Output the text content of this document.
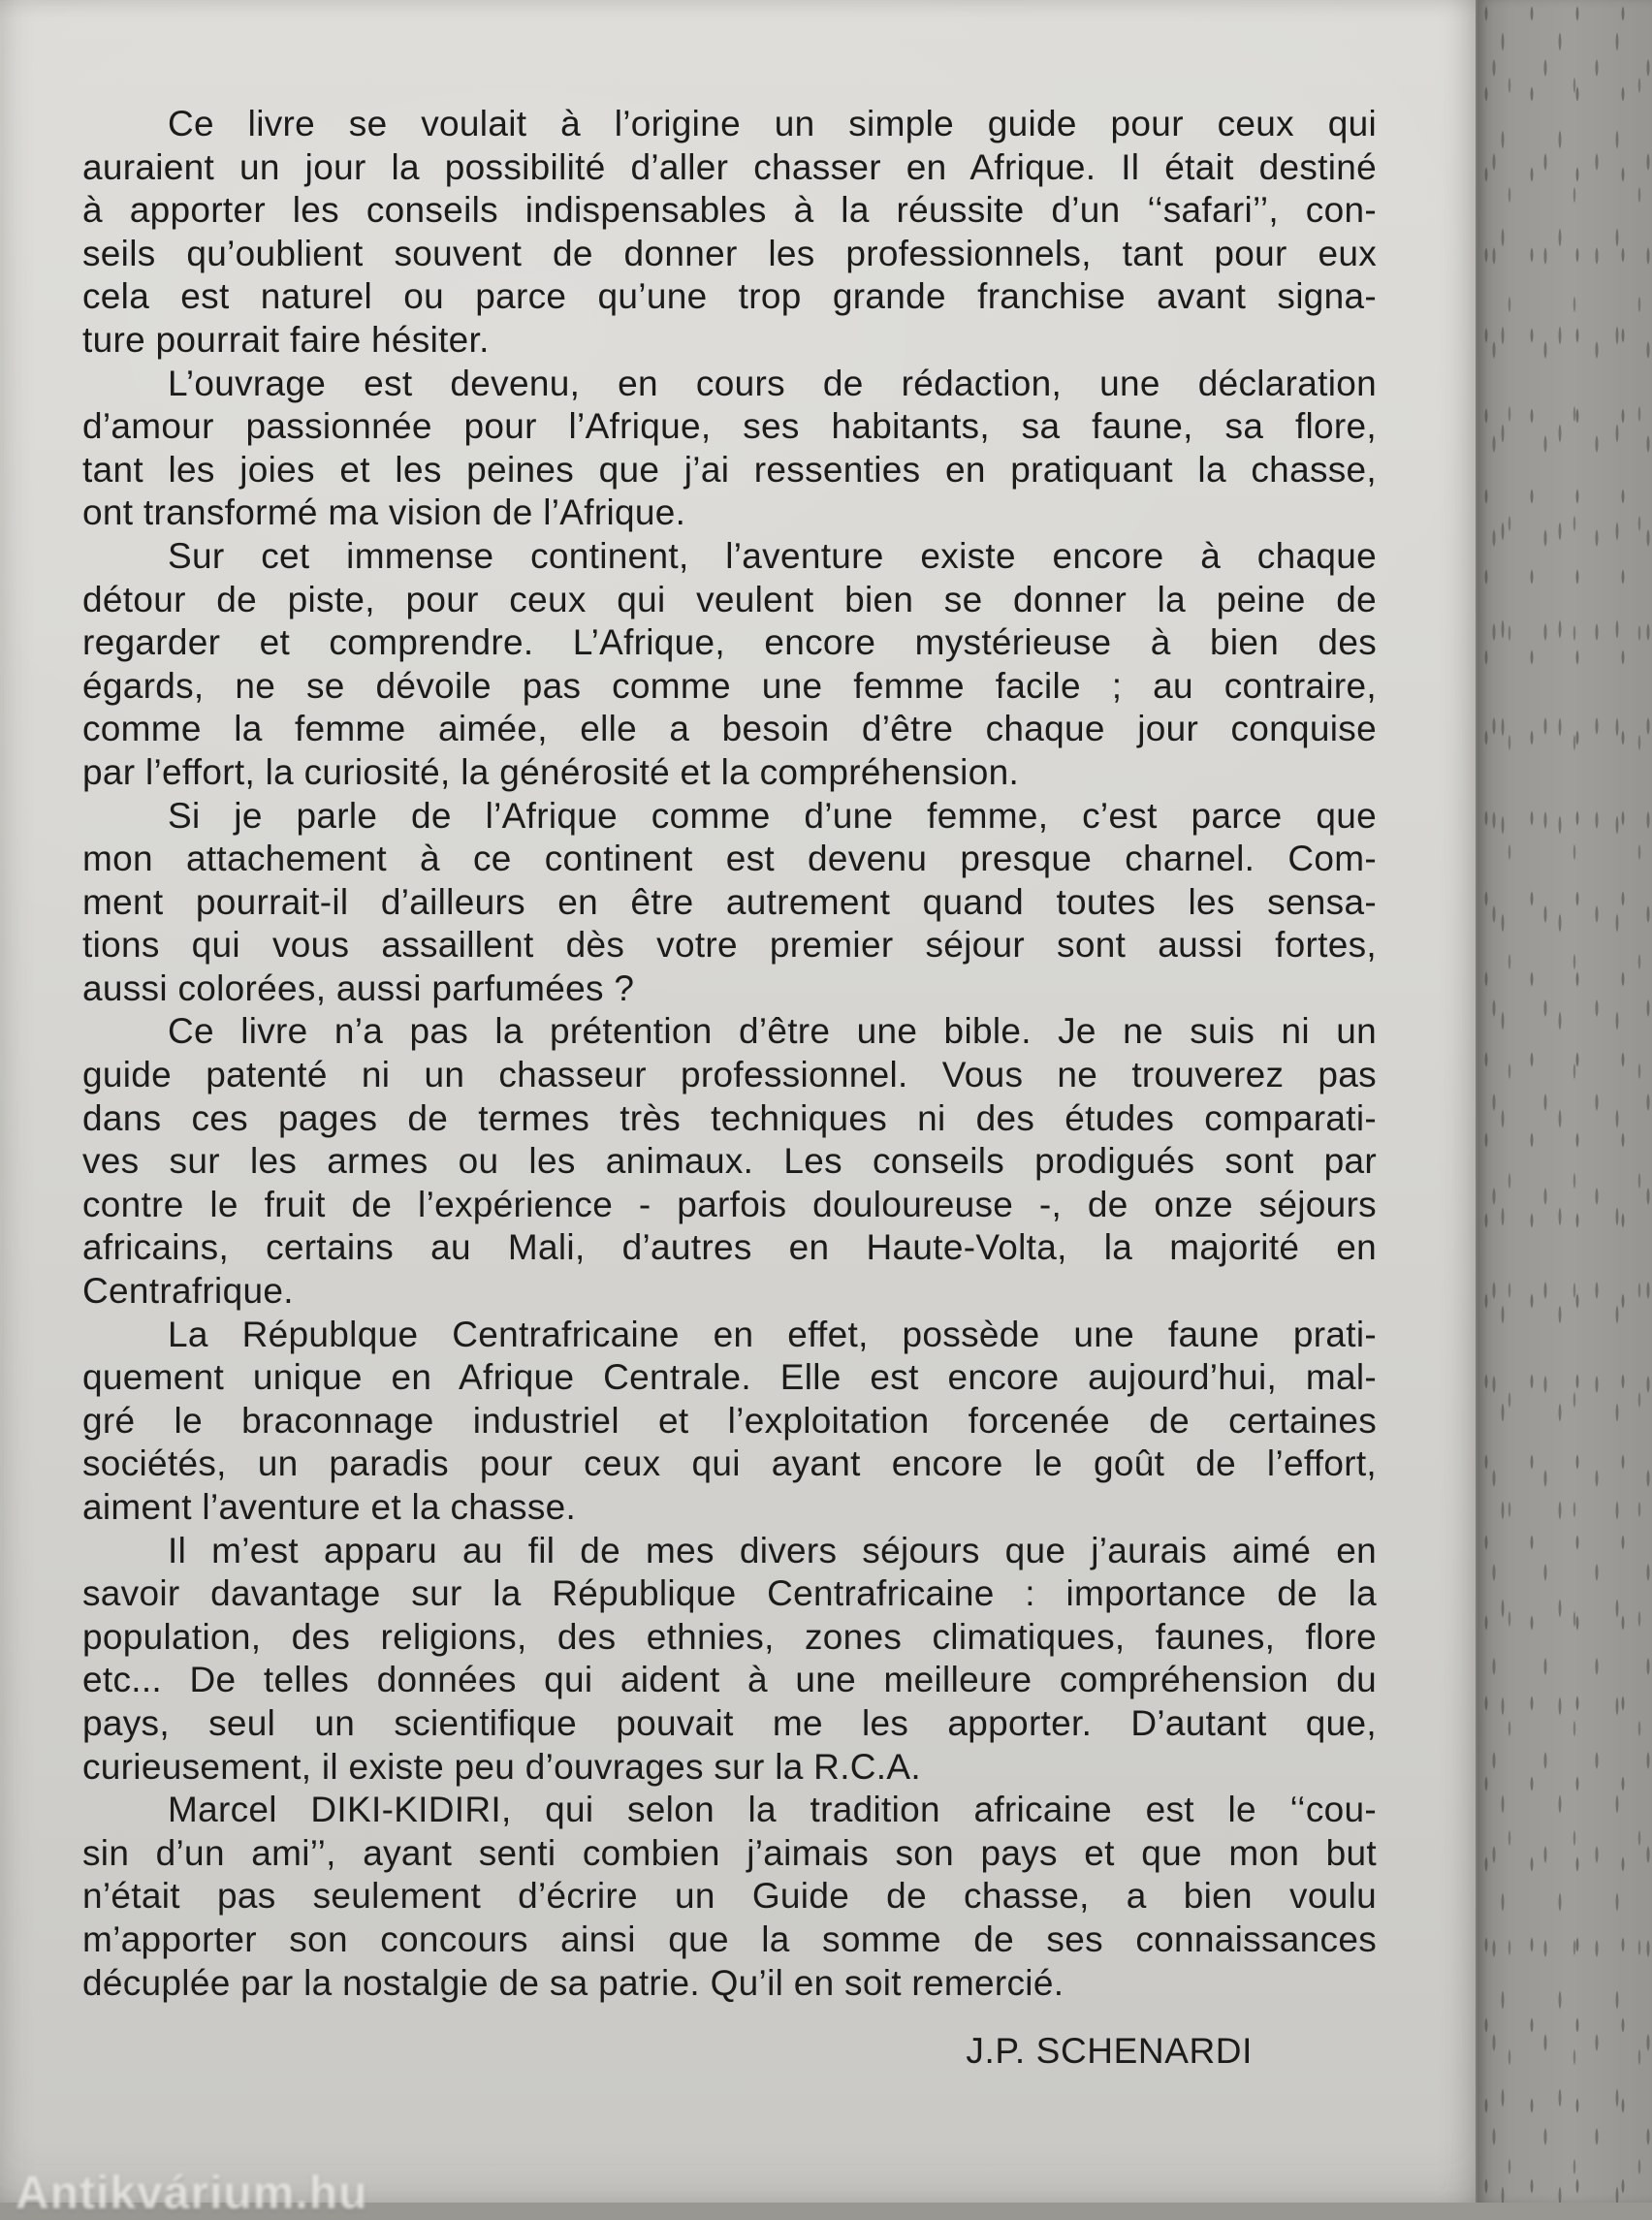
Ce livre se voulait à l’origine un simple guide pour ceux qui
auraient un jour la possibilité d’aller chasser en Afrique. Il était destiné
à apporter les conseils indispensables à la réussite d’un ‘‘safari’’, con-
seils qu’oublient souvent de donner les professionnels, tant pour eux
cela est naturel ou parce qu’une trop grande franchise avant signa-
ture pourrait faire hésiter.
L’ouvrage est devenu, en cours de rédaction, une déclaration
d’amour passionnée pour l’Afrique, ses habitants, sa faune, sa flore,
tant les joies et les peines que j’ai ressenties en pratiquant la chasse,
ont transformé ma vision de l’Afrique.
Sur cet immense continent, l’aventure existe encore à chaque
détour de piste, pour ceux qui veulent bien se donner la peine de
regarder et comprendre. L’Afrique, encore mystérieuse à bien des
égards, ne se dévoile pas comme une femme facile ; au contraire,
comme la femme aimée, elle a besoin d’être chaque jour conquise
par l’effort, la curiosité, la générosité et la compréhension.
Si je parle de l’Afrique comme d’une femme, c’est parce que
mon attachement à ce continent est devenu presque charnel. Com-
ment pourrait-il d’ailleurs en être autrement quand toutes les sensa-
tions qui vous assaillent dès votre premier séjour sont aussi fortes,
aussi colorées, aussi parfumées ?
Ce livre n’a pas la prétention d’être une bible. Je ne suis ni un
guide patenté ni un chasseur professionnel. Vous ne trouverez pas
dans ces pages de termes très techniques ni des études comparati-
ves sur les armes ou les animaux. Les conseils prodigués sont par
contre le fruit de l’expérience - parfois douloureuse -, de onze séjours
africains, certains au Mali, d’autres en Haute-Volta, la majorité en
Centrafrique.
La Républque Centrafricaine en effet, possède une faune prati-
quement unique en Afrique Centrale. Elle est encore aujourd’hui, mal-
gré le braconnage industriel et l’exploitation forcenée de certaines
sociétés, un paradis pour ceux qui ayant encore le goût de l’effort,
aiment l’aventure et la chasse.
Il m’est apparu au fil de mes divers séjours que j’aurais aimé en
savoir davantage sur la République Centrafricaine : importance de la
population, des religions, des ethnies, zones climatiques, faunes, flore
etc... De telles données qui aident à une meilleure compréhension du
pays, seul un scientifique pouvait me les apporter. D’autant que,
curieusement, il existe peu d’ouvrages sur la R.C.A.
Marcel DIKI-KIDIRI, qui selon la tradition africaine est le ‘‘cou-
sin d’un ami’’, ayant senti combien j’aimais son pays et que mon but
n’était pas seulement d’écrire un Guide de chasse, a bien voulu
m’apporter son concours ainsi que la somme de ses connaissances
décuplée par la nostalgie de sa patrie. Qu’il en soit remercié.
J.P. SCHENARDI
Antikvárium.hu
